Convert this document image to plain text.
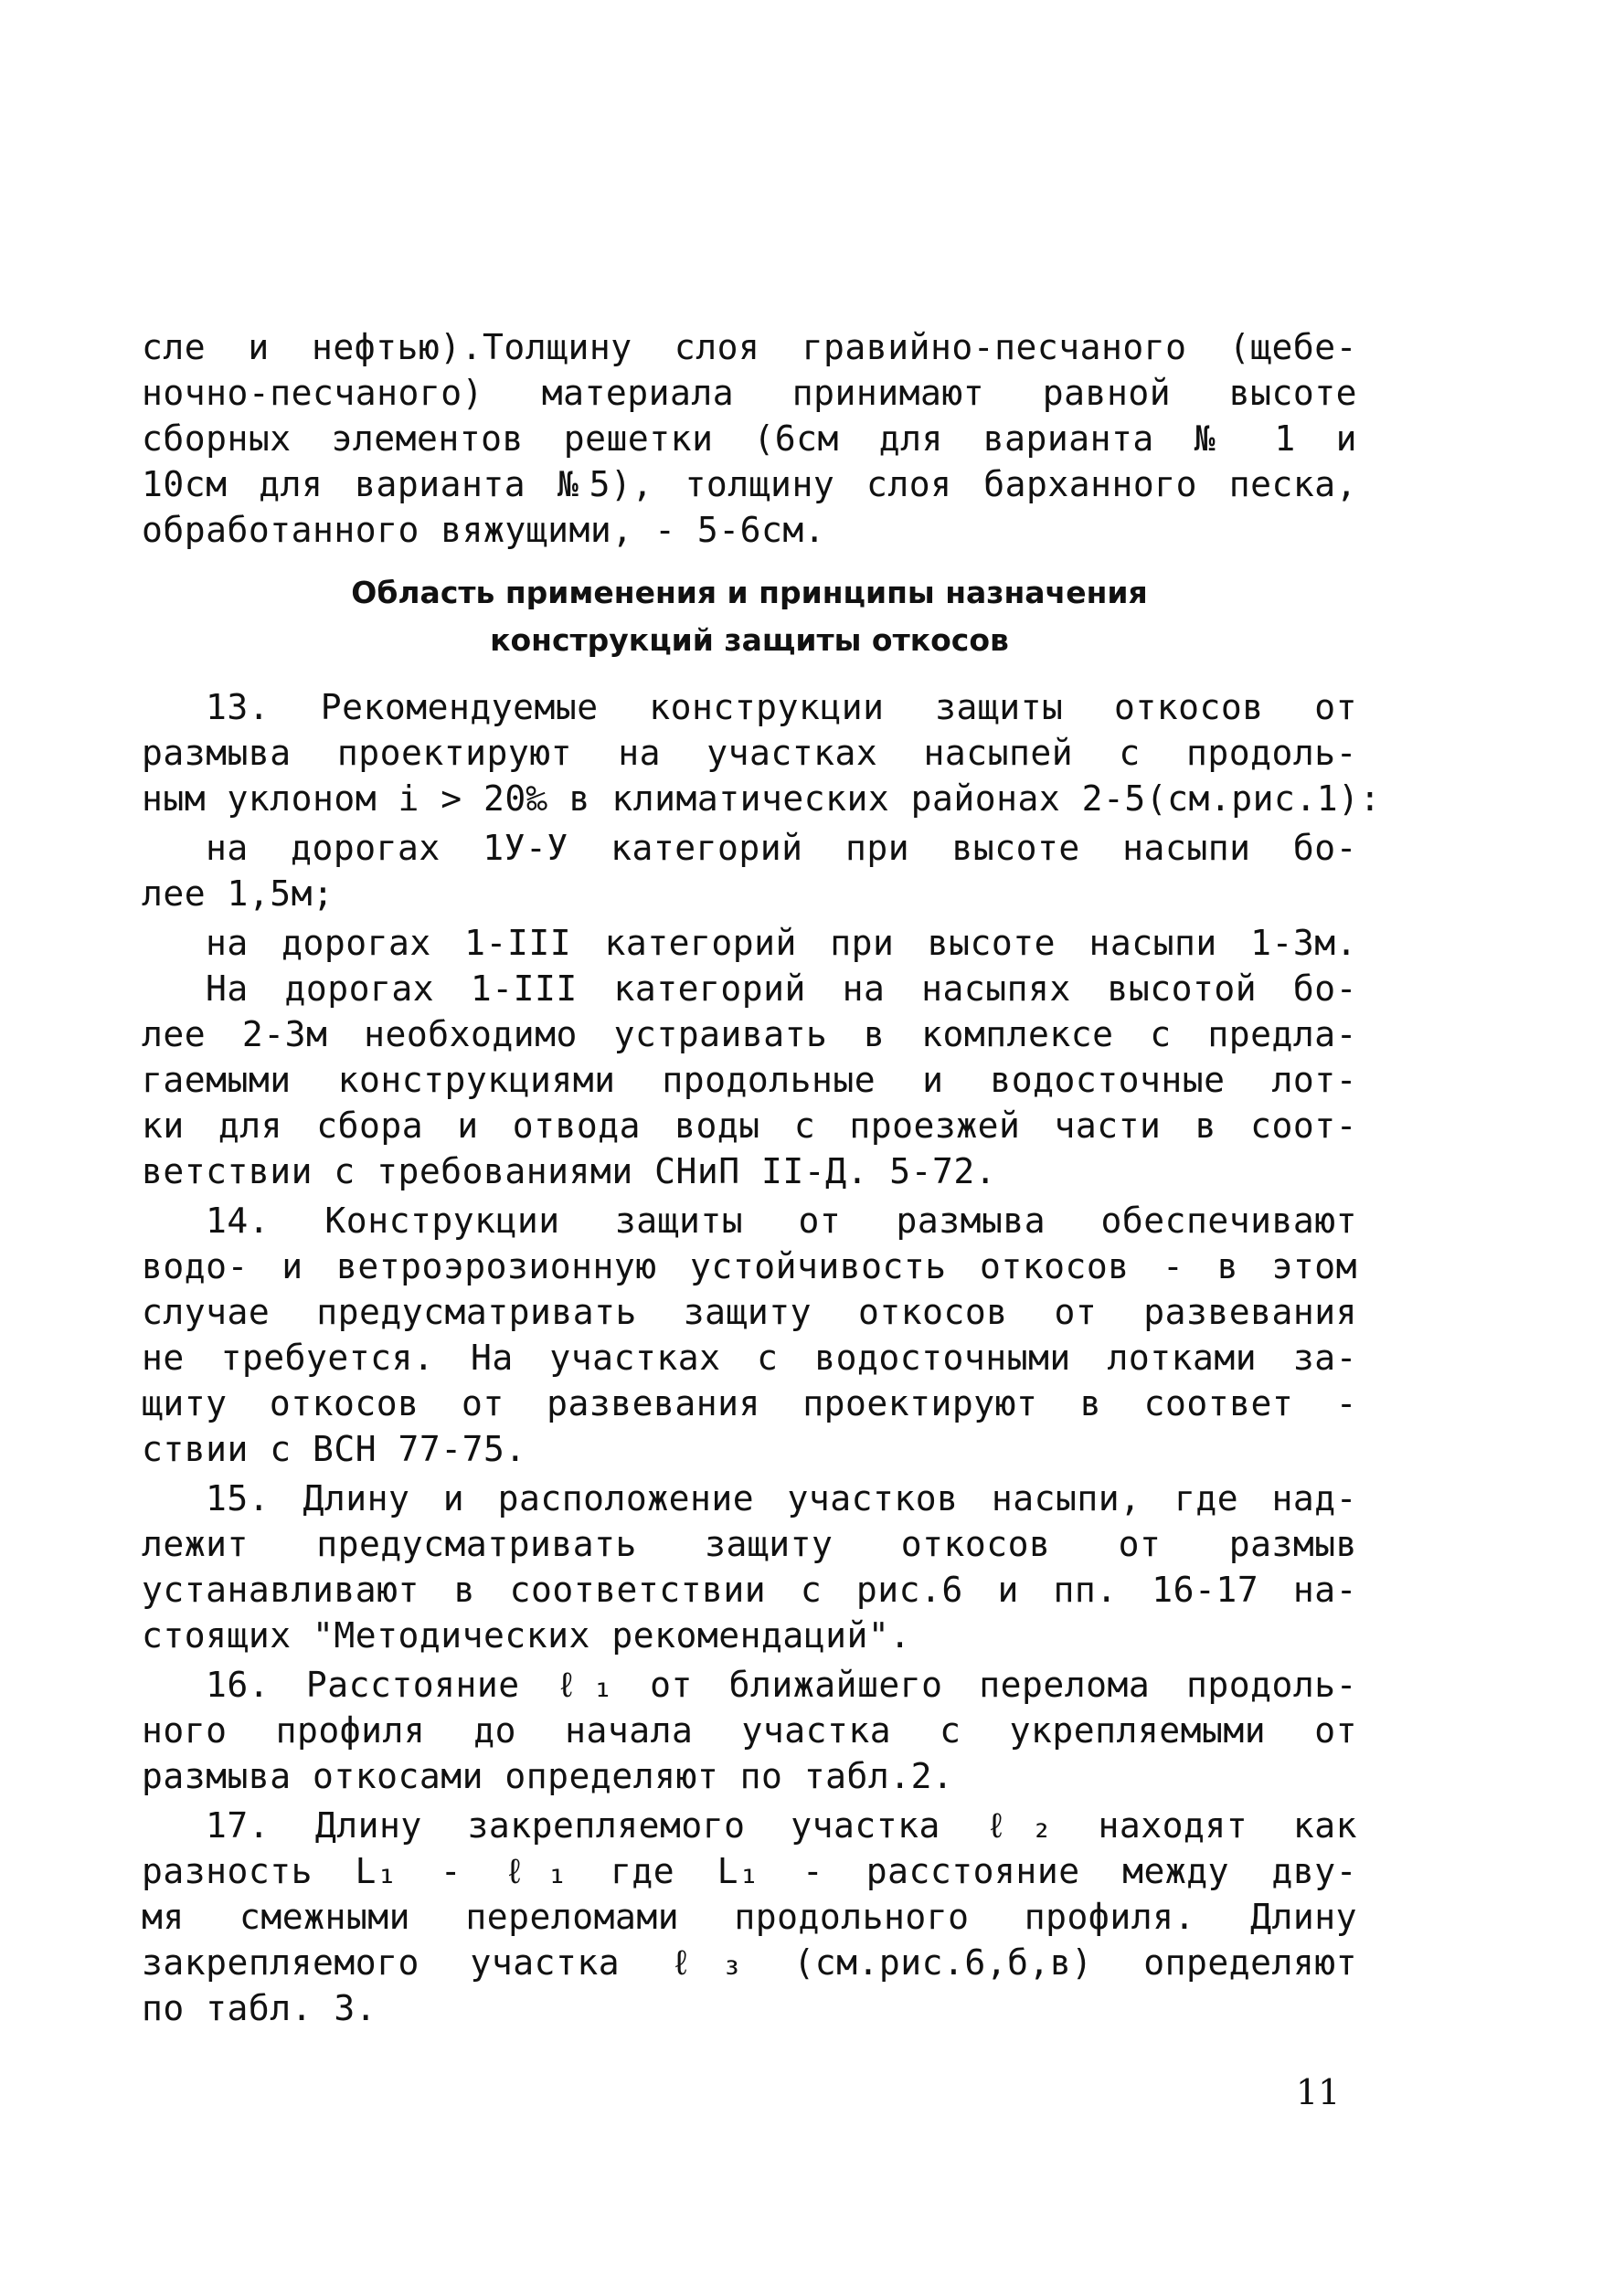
сле и нефтью).Толщину слоя гравийно-песчаного (щебе-
ночно-песчаного) материала принимают равной высоте
сборных элементов решетки (6см для варианта № 1 и
10см для варианта №5), толщину слоя барханного песка,
обработанного вяжущими, - 5-6см.
Область применения и принципы назначения
конструкций защиты откосов
13. Рекомендуемые конструкции защиты откосов от
размыва проектируют на участках насыпей с продоль-
ным уклоном i > 20‰ в климатических районах 2-5(см.рис.1):
на дорогах 1У-У категорий при высоте насыпи бо-
лее 1,5м;
на дорогах 1-III категорий при высоте насыпи 1-3м.
На дорогах 1-III категорий на насыпях высотой бо-
лее 2-3м необходимо устраивать в комплексе с предла-
гаемыми конструкциями продольные и водосточные лот-
ки для сбора и отвода воды с проезжей части в соот-
ветствии с требованиями СНиП II-Д. 5-72.
14. Конструкции защиты от размыва обеспечивают
водо- и ветроэрозионную устойчивость откосов - в этом
случае предусматривать защиту откосов от развевания
не требуется. На участках с водосточными лотками за-
щиту откосов от развевания проектируют в соответ -
ствии с ВСН 77-75.
15. Длину и расположение участков насыпи, где над-
лежит предусматривать защиту откосов от размыв
устанавливают в соответствии с рис.6 и пп. 16-17 на-
стоящих "Методических рекомендаций".
16. Расстояние ℓ₁ от ближайшего перелома продоль-
ного профиля до начала участка с укрепляемыми от
размыва откосами определяют по табл.2.
17. Длину закрепляемого участка ℓ₂ находят как
разность L₁ - ℓ₁ где L₁ - расстояние между дву-
мя смежными переломами продольного профиля. Длину
закрепляемого участка ℓ₃ (см.рис.6,б,в) определяют
по табл. 3.
11
